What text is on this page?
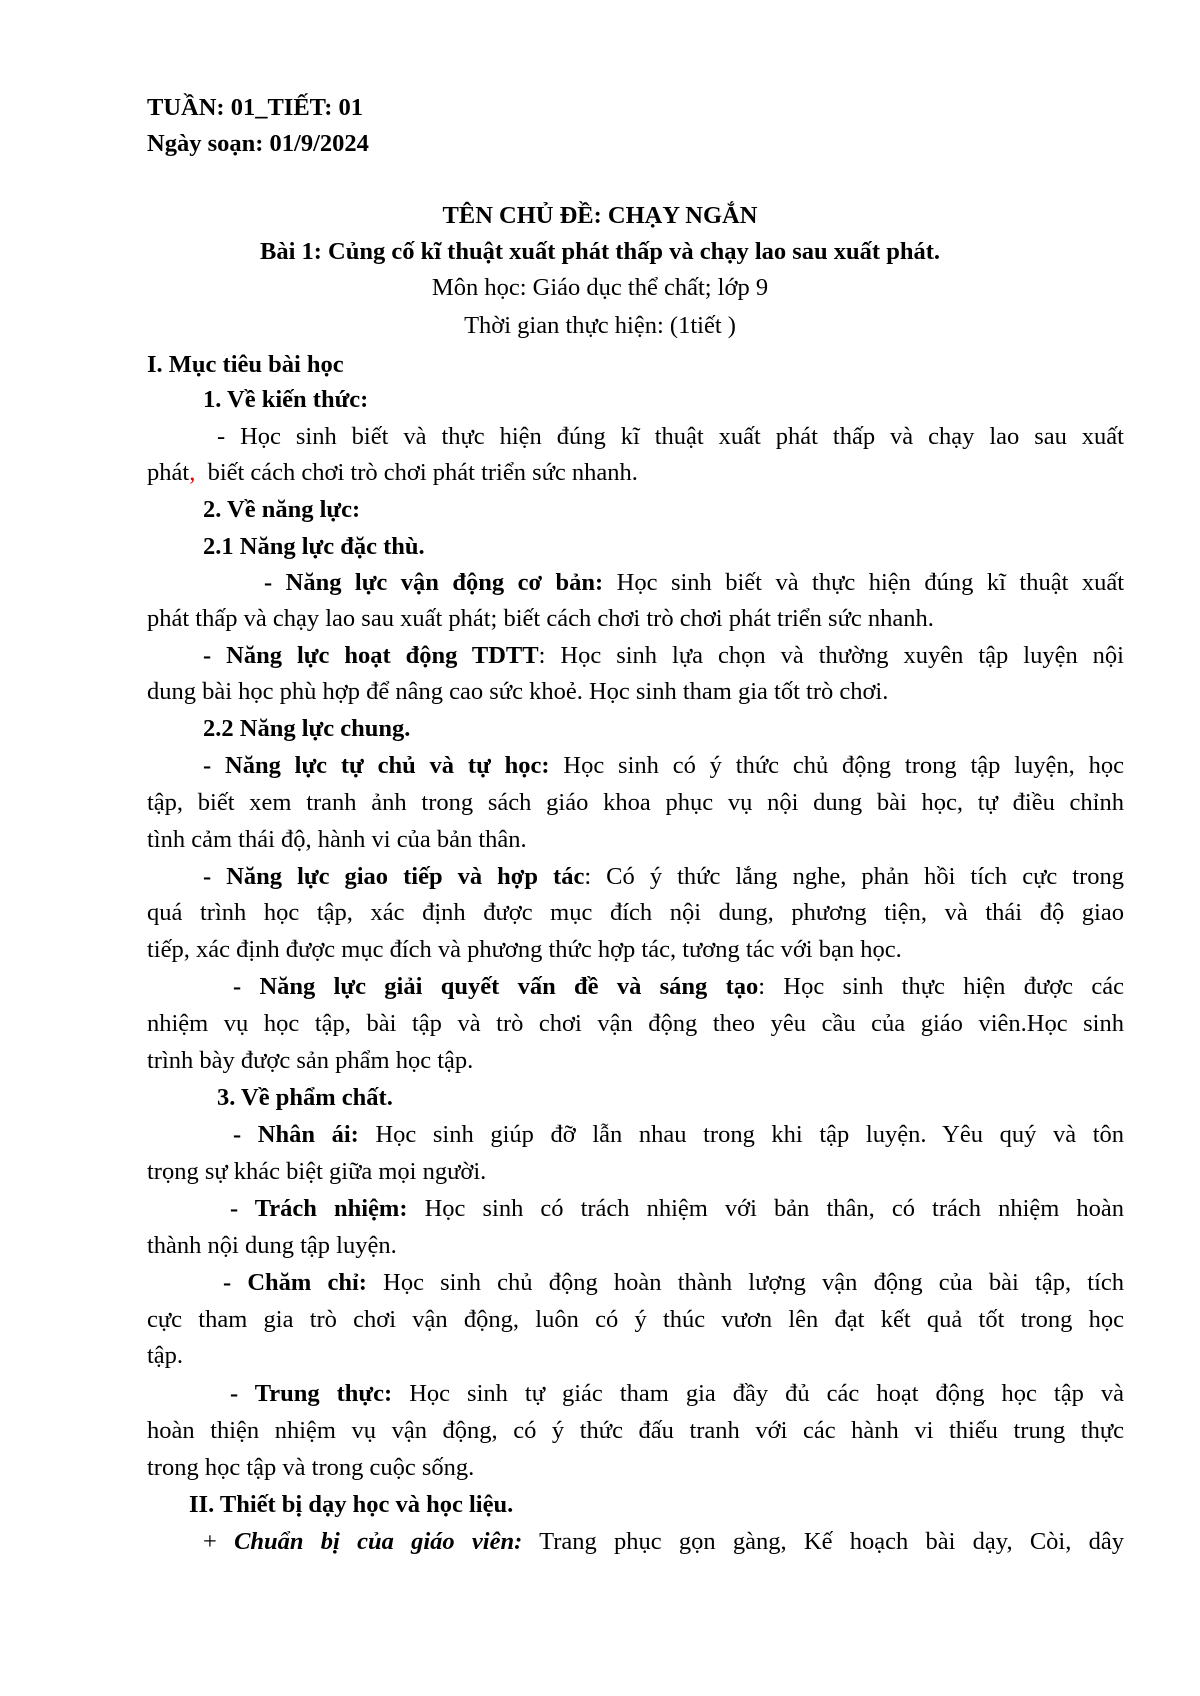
TUẦN: 01_TIẾT: 01
Ngày soạn: 01/9/2024
TÊN CHỦ ĐỀ: CHẠY NGẮN
Bài 1: Củng cố kĩ thuật xuất phát thấp và chạy lao sau xuất phát.
Môn học: Giáo dục thể chất; lớp 9
Thời gian thực hiện: (1tiết )
I. Mục tiêu bài học
1. Về kiến thức:
- Học sinh biết và thực hiện đúng kĩ thuật xuất phát thấp và chạy lao sau xuất
phát, biết cách chơi trò chơi phát triển sức nhanh.
2. Về năng lực:
2.1 Năng lực đặc thù.
- Năng lực vận động cơ bản: Học sinh biết và thực hiện đúng kĩ thuật xuất
phát thấp và chạy lao sau xuất phát; biết cách chơi trò chơi phát triển sức nhanh.
- Năng lực hoạt động TDTT: Học sinh lựa chọn và thường xuyên tập luyện nội
dung bài học phù hợp để nâng cao sức khoẻ. Học sinh tham gia tốt trò chơi.
2.2 Năng lực chung.
- Năng lực tự chủ và tự học: Học sinh có ý thức chủ động trong tập luyện, học
tập, biết xem tranh ảnh trong sách giáo khoa phục vụ nội dung bài học, tự điều chỉnh
tình cảm thái độ, hành vi của bản thân.
- Năng lực giao tiếp và hợp tác: Có ý thức lắng nghe, phản hồi tích cực trong
quá trình học tập, xác định được mục đích nội dung, phương tiện, và thái độ giao
tiếp, xác định được mục đích và phương thức hợp tác, tương tác với bạn học.
- Năng lực giải quyết vấn đề và sáng tạo: Học sinh thực hiện được các
nhiệm vụ học tập, bài tập và trò chơi vận động theo yêu cầu của giáo viên.Học sinh
trình bày được sản phẩm học tập.
3. Về phẩm chất.
- Nhân ái: Học sinh giúp đỡ lẫn nhau trong khi tập luyện. Yêu quý và tôn
trọng sự khác biệt giữa mọi người.
- Trách nhiệm: Học sinh có trách nhiệm với bản thân, có trách nhiệm hoàn
thành nội dung tập luyện.
- Chăm chỉ: Học sinh chủ động hoàn thành lượng vận động của bài tập, tích
cực tham gia trò chơi vận động, luôn có ý thúc vươn lên đạt kết quả tốt trong học
tập.
- Trung thực: Học sinh tự giác tham gia đầy đủ các hoạt động học tập và
hoàn thiện nhiệm vụ vận động, có ý thức đấu tranh với các hành vi thiếu trung thực
trong học tập và trong cuộc sống.
II. Thiết bị dạy học và học liệu.
+ Chuẩn bị của giáo viên: Trang phục gọn gàng, Kế hoạch bài dạy, Còi, dây
